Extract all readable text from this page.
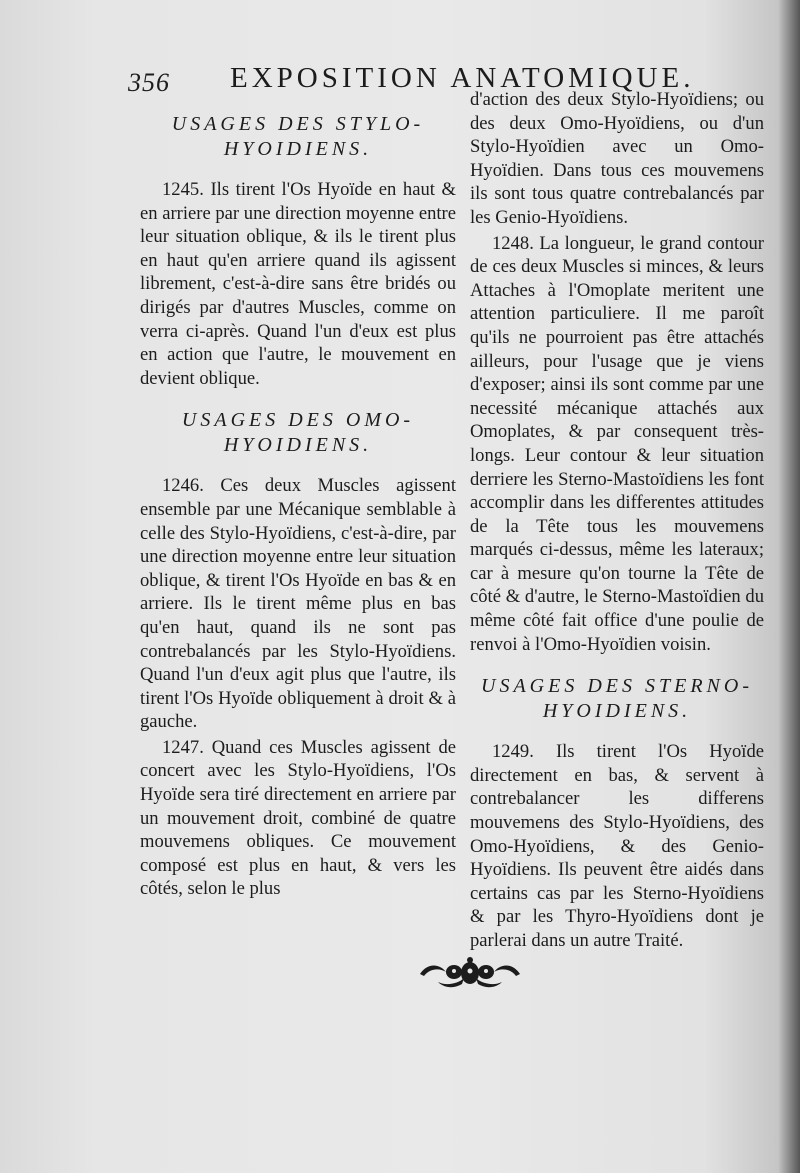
356 EXPOSITION ANATOMIQUE.
USAGES DES STYLO-
HYOIDIENS.

1245. Ils tirent l'Os Hyoïde en haut & en arriere par une direction moyenne entre leur situation oblique, & ils le tirent plus en haut qu'en arriere quand ils agissent librement, c'est-à-dire sans être bridés ou dirigés par d'autres Muscles, comme on verra ci-après. Quand l'un d'eux est plus en action que l'autre, le mouvement en devient oblique.

USAGES DES OMO-
HYOIDIENS.

1246. Ces deux Muscles agissent ensemble par une Mécanique semblable à celle des Stylo-Hyoïdiens, c'est-à-dire, par une direction moyenne entre leur situation oblique, & tirent l'Os Hyoïde en bas & en arriere. Ils le tirent même plus en bas qu'en haut, quand ils ne sont pas contrebalancés par les Stylo-Hyoïdiens. Quand l'un d'eux agit plus que l'autre, ils tirent l'Os Hyoïde obliquement à droit & à gauche.

1247. Quand ces Muscles agissent de concert avec les Stylo-Hyoïdiens, l'Os Hyoïde sera tiré directement en arriere par un mouvement droit, combiné de quatre mouvemens obliques. Ce mouvement composé est plus en haut, & vers les côtés, selon le plus

d'action des deux Stylo-Hyoïdiens; ou des deux Omo-Hyoïdiens, ou d'un Stylo-Hyoïdien avec un Omo-Hyoïdien. Dans tous ces mouvemens ils sont tous quatre contrebalancés par les Genio-Hyoïdiens.

1248. La longueur, le grand contour de ces deux Muscles si minces, & leurs Attaches à l'Omoplate meritent une attention particuliere. Il me paroît qu'ils ne pourroient pas être attachés ailleurs, pour l'usage que je viens d'exposer; ainsi ils sont comme par une necessité mécanique attachés aux Omoplates, & par consequent très-longs. Leur contour & leur situation derriere les Sterno-Mastoïdiens les font accomplir dans les differentes attitudes de la Tête tous les mouvemens marqués ci-dessus, même les lateraux; car à mesure qu'on tourne la Tête de côté & d'autre, le Sterno-Mastoïdien du même côté fait office d'une poulie de renvoi à l'Omo-Hyoïdien voisin.

USAGES DES STERNO-
HYOIDIENS.

1249. Ils tirent l'Os Hyoïde directement en bas, & servent à contrebalancer les differens mouvemens des Stylo-Hyoïdiens, des Omo-Hyoïdiens, & des Genio-Hyoïdiens. Ils peuvent être aidés dans certains cas par les Sterno-Hyoïdiens & par les Thyro-Hyoïdiens dont je parlerai dans un autre Traité.
